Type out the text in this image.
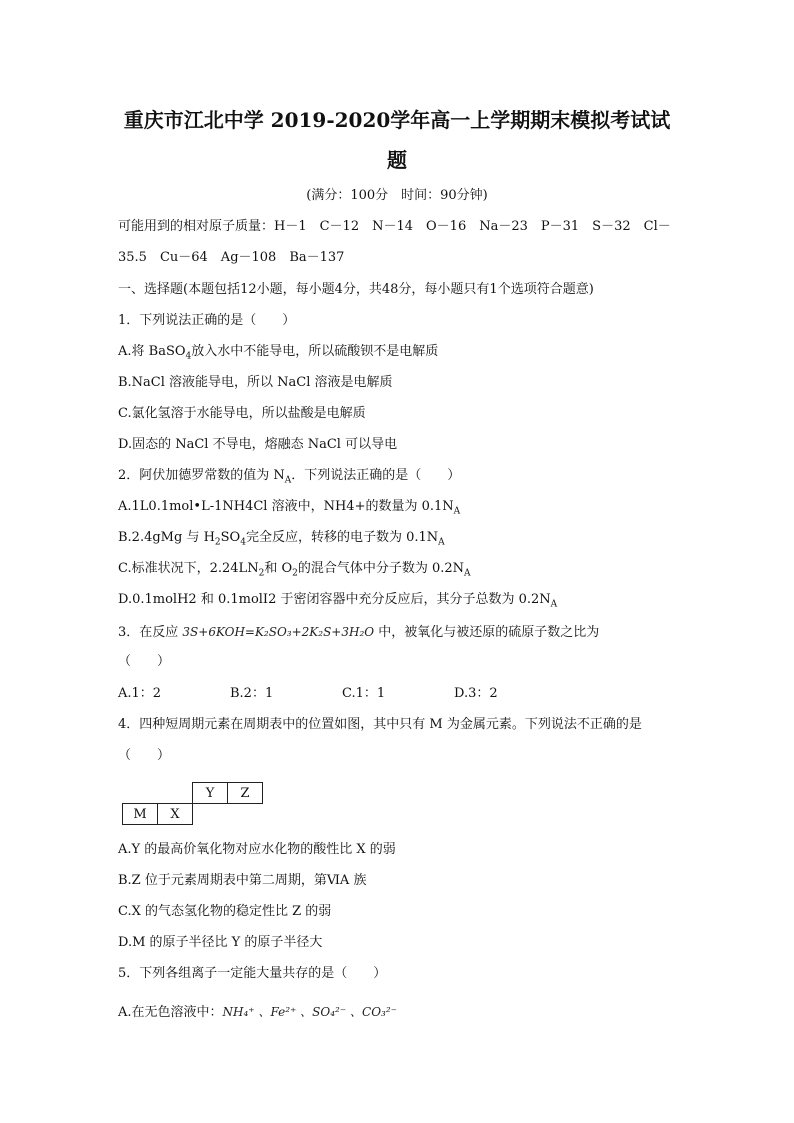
重庆市江北中学 2019-2020学年高一上学期期末模拟考试试
题
(满分：100分　时间：90分钟)
可能用到的相对原子质量：H－1　C－12　N－14　O－16　Na－23　P－31　S－32　Cl－
35.5　Cu－64　Ag－108　Ba－137
一、选择题(本题包括12小题，每小题4分，共48分，每小题只有1个选项符合题意)
1．下列说法正确的是（　　）
A.将 BaSO$_4$放入水中不能导电，所以硫酸钡不是电解质
B.NaCl 溶液能导电，所以 NaCl 溶液是电解质
C.氯化氢溶于水能导电，所以盐酸是电解质
D.固态的 NaCl 不导电，熔融态 NaCl 可以导电
2．阿伏加德罗常数的值为 $N_A$．下列说法正确的是（　　）
A.1L0.1mol•L-1NH4Cl 溶液中，NH4+的数量为 $0.1N_A$
B.2.4gMg 与 $H_2SO_4$完全反应，转移的电子数为 $0.1N_A$
C.标准状况下，$2.24LN_2$和 $O_2$的混合气体中分子数为 $0.2N_A$
D.0.1molH2 和 0.1molI2 于密闭容器中充分反应后，其分子总数为 $0.2N_A$
3．在反应 3S+6KOH=K₂SO₃+2K₂S+3H₂O 中，被氧化与被还原的硫原子数之比为
（　　）
A.1：2	B.2：1	C.1：1	D.3：2
4．四种短周期元素在周期表中的位置如图，其中只有 M 为金属元素。下列说法不正确的是
（　　）
		Y	Z
M	X		
A.Y 的最高价氧化物对应水化物的酸性比 X 的弱
B.Z 位于元素周期表中第二周期，第ⅥA 族
C.X 的气态氢化物的稳定性比 Z 的弱
D.M 的原子半径比 Y 的原子半径大
5．下列各组离子一定能大量共存的是（　　）
A.在无色溶液中：NH₄⁺ 、Fe²⁺ 、SO₄²⁻ 、CO₃²⁻
